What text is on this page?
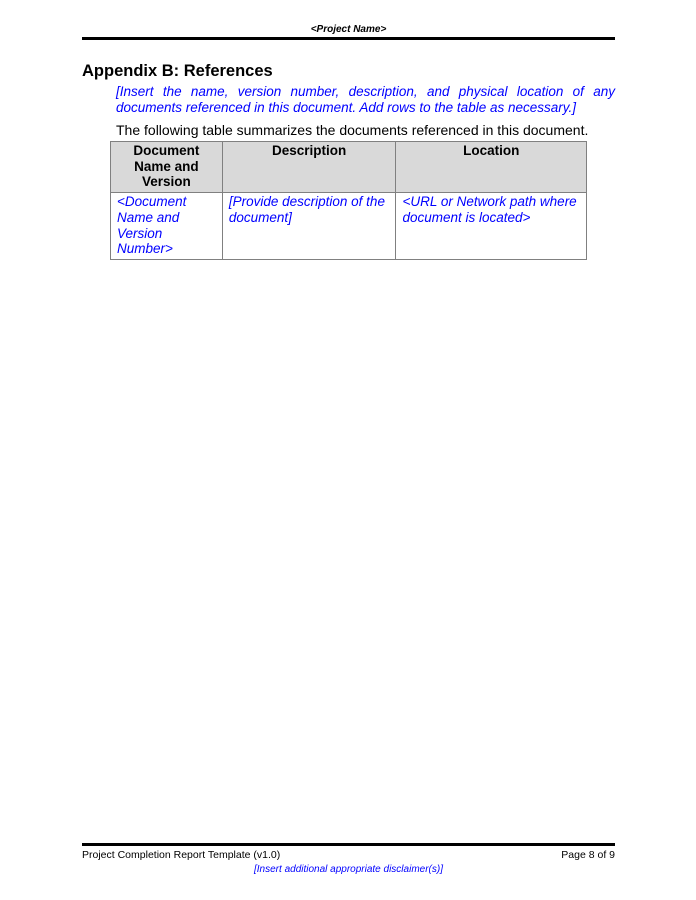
<Project Name>
Appendix B: References
[Insert the name, version number, description, and physical location of any documents referenced in this document. Add rows to the table as necessary.]
The following table summarizes the documents referenced in this document.
Document Name and Version	Description	Location
<Document Name and Version Number>	[Provide description of the document]	<URL or Network path where document is located>
Project Completion Report Template (v1.0)	Page 8 of 9
[Insert additional appropriate disclaimer(s)]
